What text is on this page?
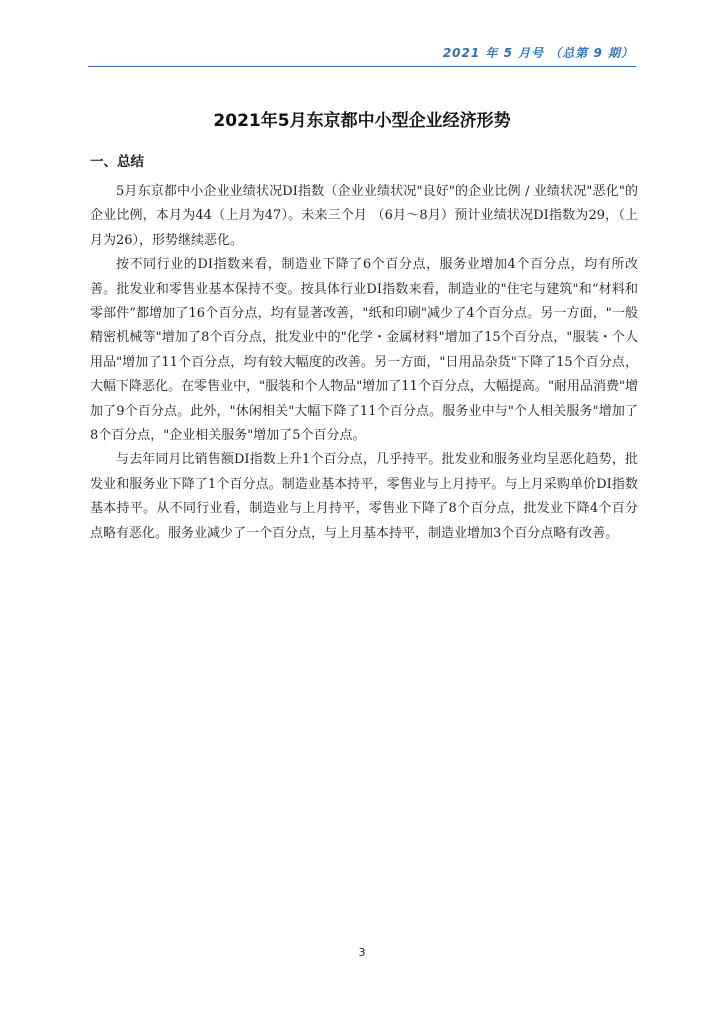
2021 年 5 月号 （总第 9 期）
2021年5月东京都中小型企业经济形势
一、总结

5月东京都中小企业业绩状况DI指数（企业业绩状况"良好"的企业比例 / 业绩状况"恶化"的企业比例，本月为44（上月为47）。未来三个月 （6月～8月）预计业绩状况DI指数为29，（上月为26），形势继续恶化。

按不同行业的DI指数来看，制造业下降了6个百分点，服务业增加4个百分点，均有所改善。批发业和零售业基本保持不变。按具体行业DI指数来看，制造业的"住宅与建筑"和“材料和零部件”都增加了16个百分点，均有显著改善，"纸和印刷"减少了4个百分点。另一方面，"一般精密机械等"增加了8个百分点，批发业中的"化学・金属材料"增加了15个百分点，"服装・个人用品"增加了11个百分点，均有较大幅度的改善。另一方面，"日用品杂货"下降了15个百分点，大幅下降恶化。在零售业中，"服装和个人物品"增加了11个百分点，大幅提高。"耐用品消费"增加了9个百分点。此外，"休闲相关"大幅下降了11个百分点。服务业中与"个人相关服务"增加了8个百分点，"企业相关服务"增加了5个百分点。

与去年同月比销售额DI指数上升1个百分点，几乎持平。批发业和服务业均呈恶化趋势，批发业和服务业下降了1个百分点。制造业基本持平，零售业与上月持平。与上月采购单价DI指数基本持平。从不同行业看，制造业与上月持平，零售业下降了8个百分点，批发业下降4个百分点略有恶化。服务业减少了一个百分点，与上月基本持平，制造业增加3个百分点略有改善。

3
